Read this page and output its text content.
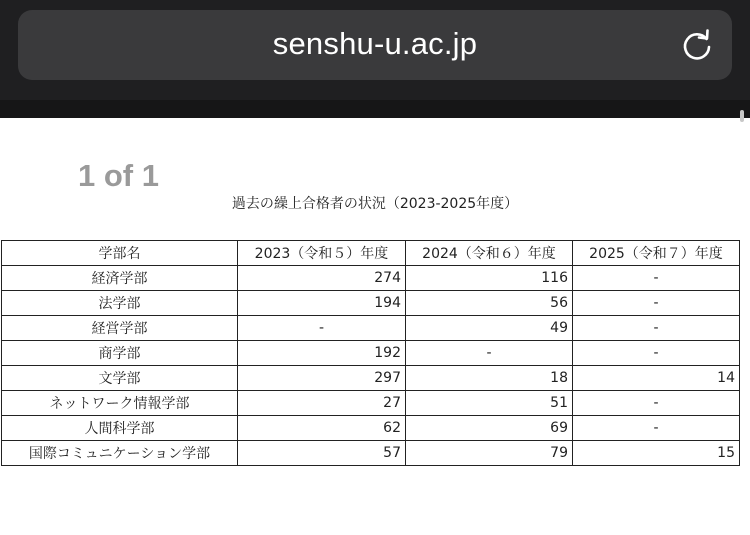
senshu-u.ac.jp
1 of 1
過去の繰上合格者の状況（2023-2025年度）
学部名	2023（令和５）年度	2024（令和６）年度	2025（令和７）年度
経済学部	274	116	-
法学部	194	56	-
経営学部	-	49	-
商学部	192	-	-
文学部	297	18	14
ネットワーク情報学部	27	51	-
人間科学部	62	69	-
国際コミュニケーション学部	57	79	15
